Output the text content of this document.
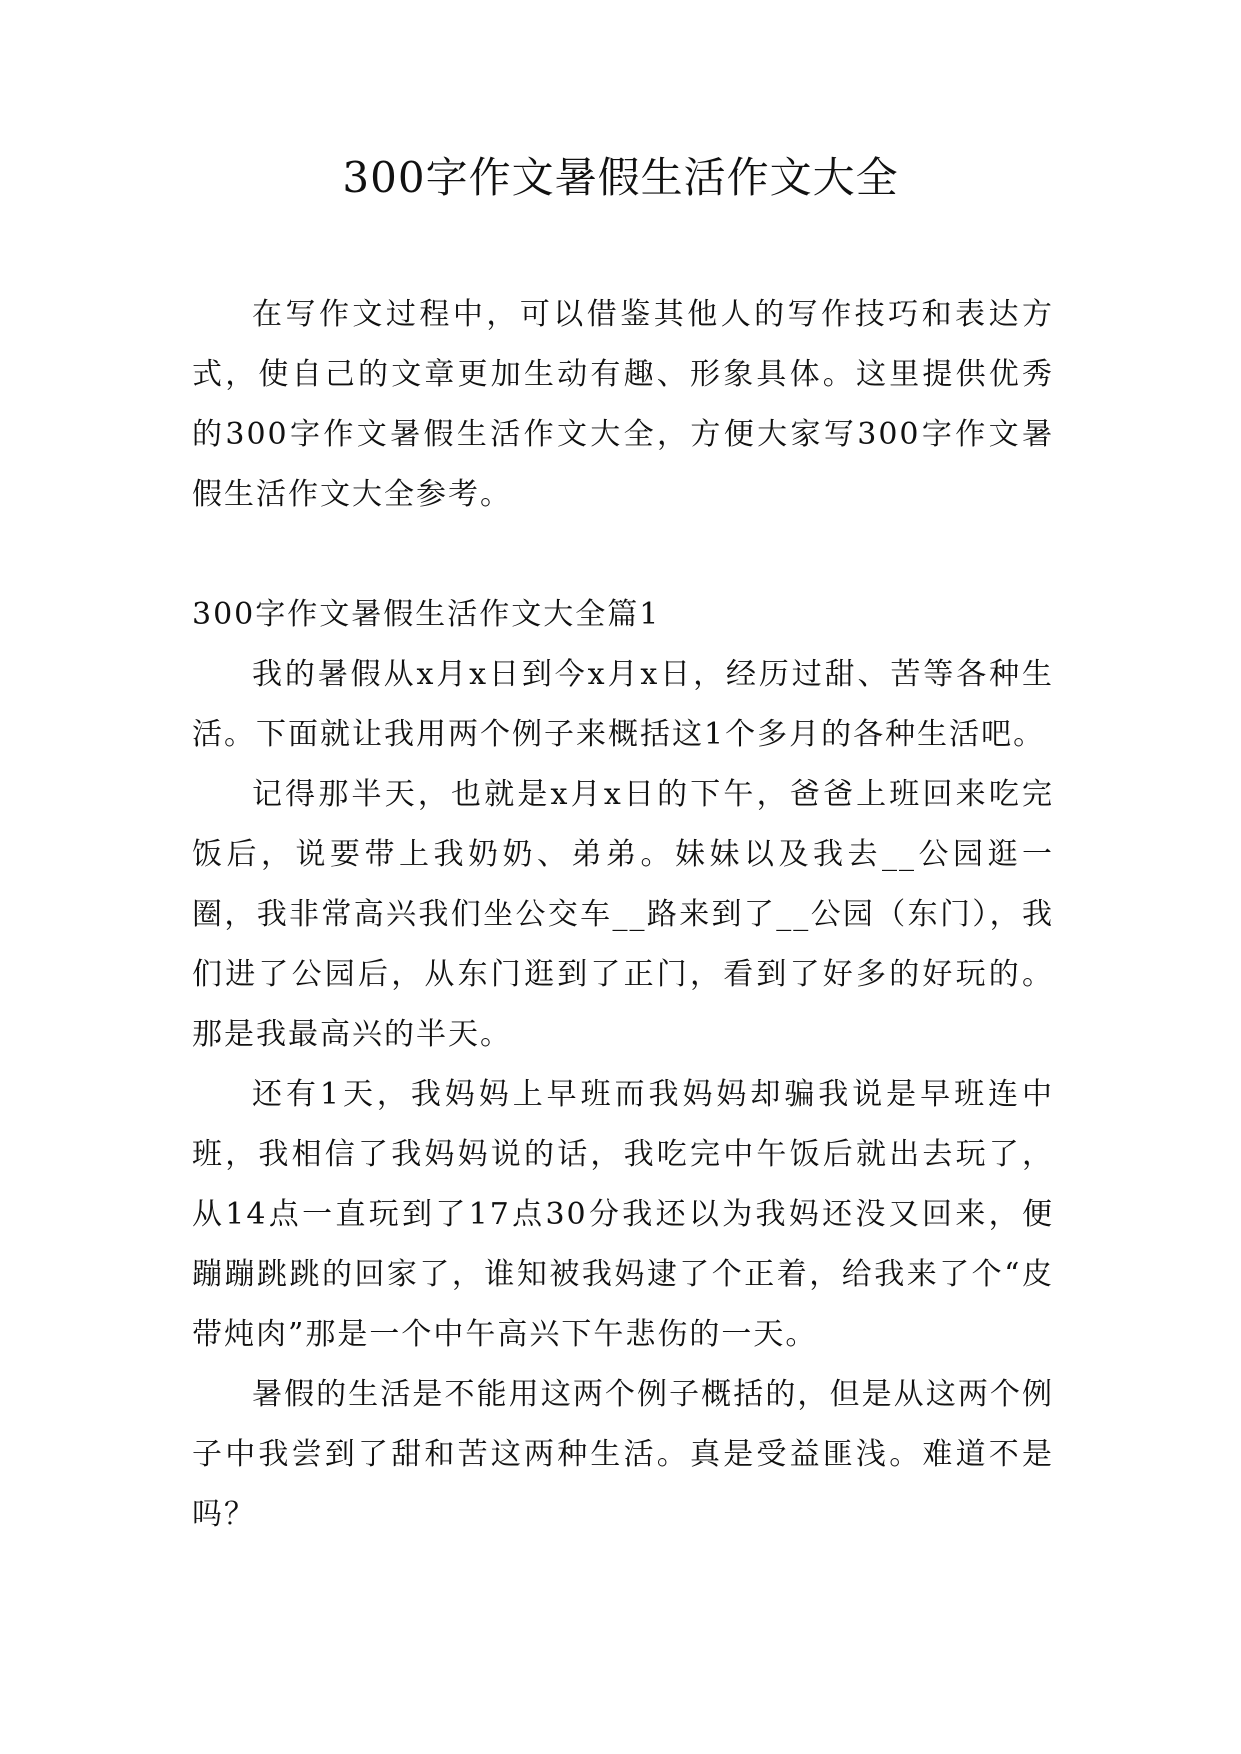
300字作文暑假生活作文大全

在写作文过程中，可以借鉴其他人的写作技巧和表达方式，使自己的文章更加生动有趣、形象具体。这里提供优秀的300字作文暑假生活作文大全，方便大家写300字作文暑假生活作文大全参考。

300字作文暑假生活作文大全篇1

我的暑假从x月x日到今x月x日，经历过甜、苦等各种生活。下面就让我用两个例子来概括这1个多月的各种生活吧。

记得那半天，也就是x月x日的下午，爸爸上班回来吃完饭后，说要带上我奶奶、弟弟。妹妹以及我去__公园逛一圈，我非常高兴我们坐公交车__路来到了__公园（东门），我们进了公园后，从东门逛到了正门，看到了好多的好玩的。那是我最高兴的半天。

还有1天，我妈妈上早班而我妈妈却骗我说是早班连中班，我相信了我妈妈说的话，我吃完中午饭后就出去玩了，从14点一直玩到了17点30分我还以为我妈还没又回来，便蹦蹦跳跳的回家了，谁知被我妈逮了个正着，给我来了个“皮带炖肉”那是一个中午高兴下午悲伤的一天。

暑假的生活是不能用这两个例子概括的，但是从这两个例子中我尝到了甜和苦这两种生活。真是受益匪浅。难道不是吗？
